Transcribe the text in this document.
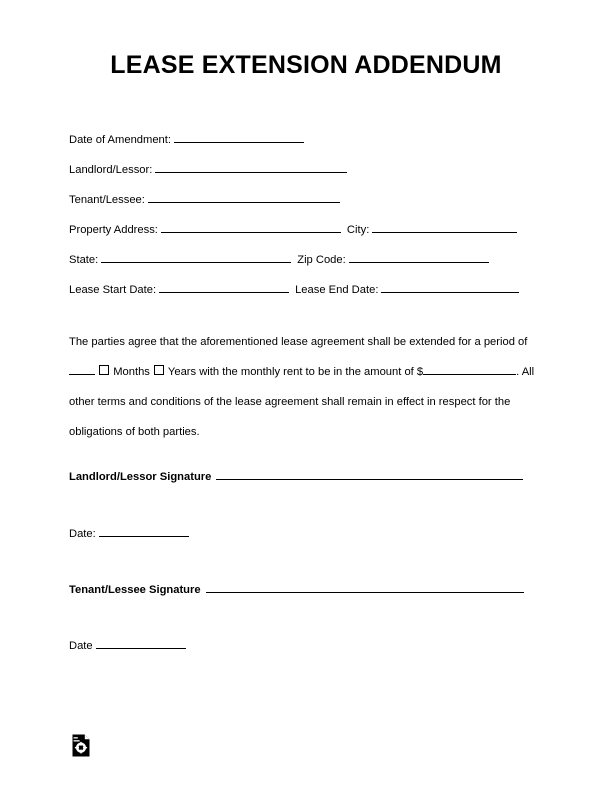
LEASE EXTENSION ADDENDUM
Date of Amendment:
Landlord/Lessor:
Tenant/Lessee:
Property Address:	City:
State:	Zip Code:
Lease Start Date:	Lease End Date:
The parties agree that the aforementioned lease agreement shall be extended for a period of   Months Years with the monthly rent to be in the amount of $	. All other terms and conditions of the lease agreement shall remain in effect in respect for the obligations of both parties.
Landlord/Lessor Signature
Date:
Tenant/Lessee Signature
Date
